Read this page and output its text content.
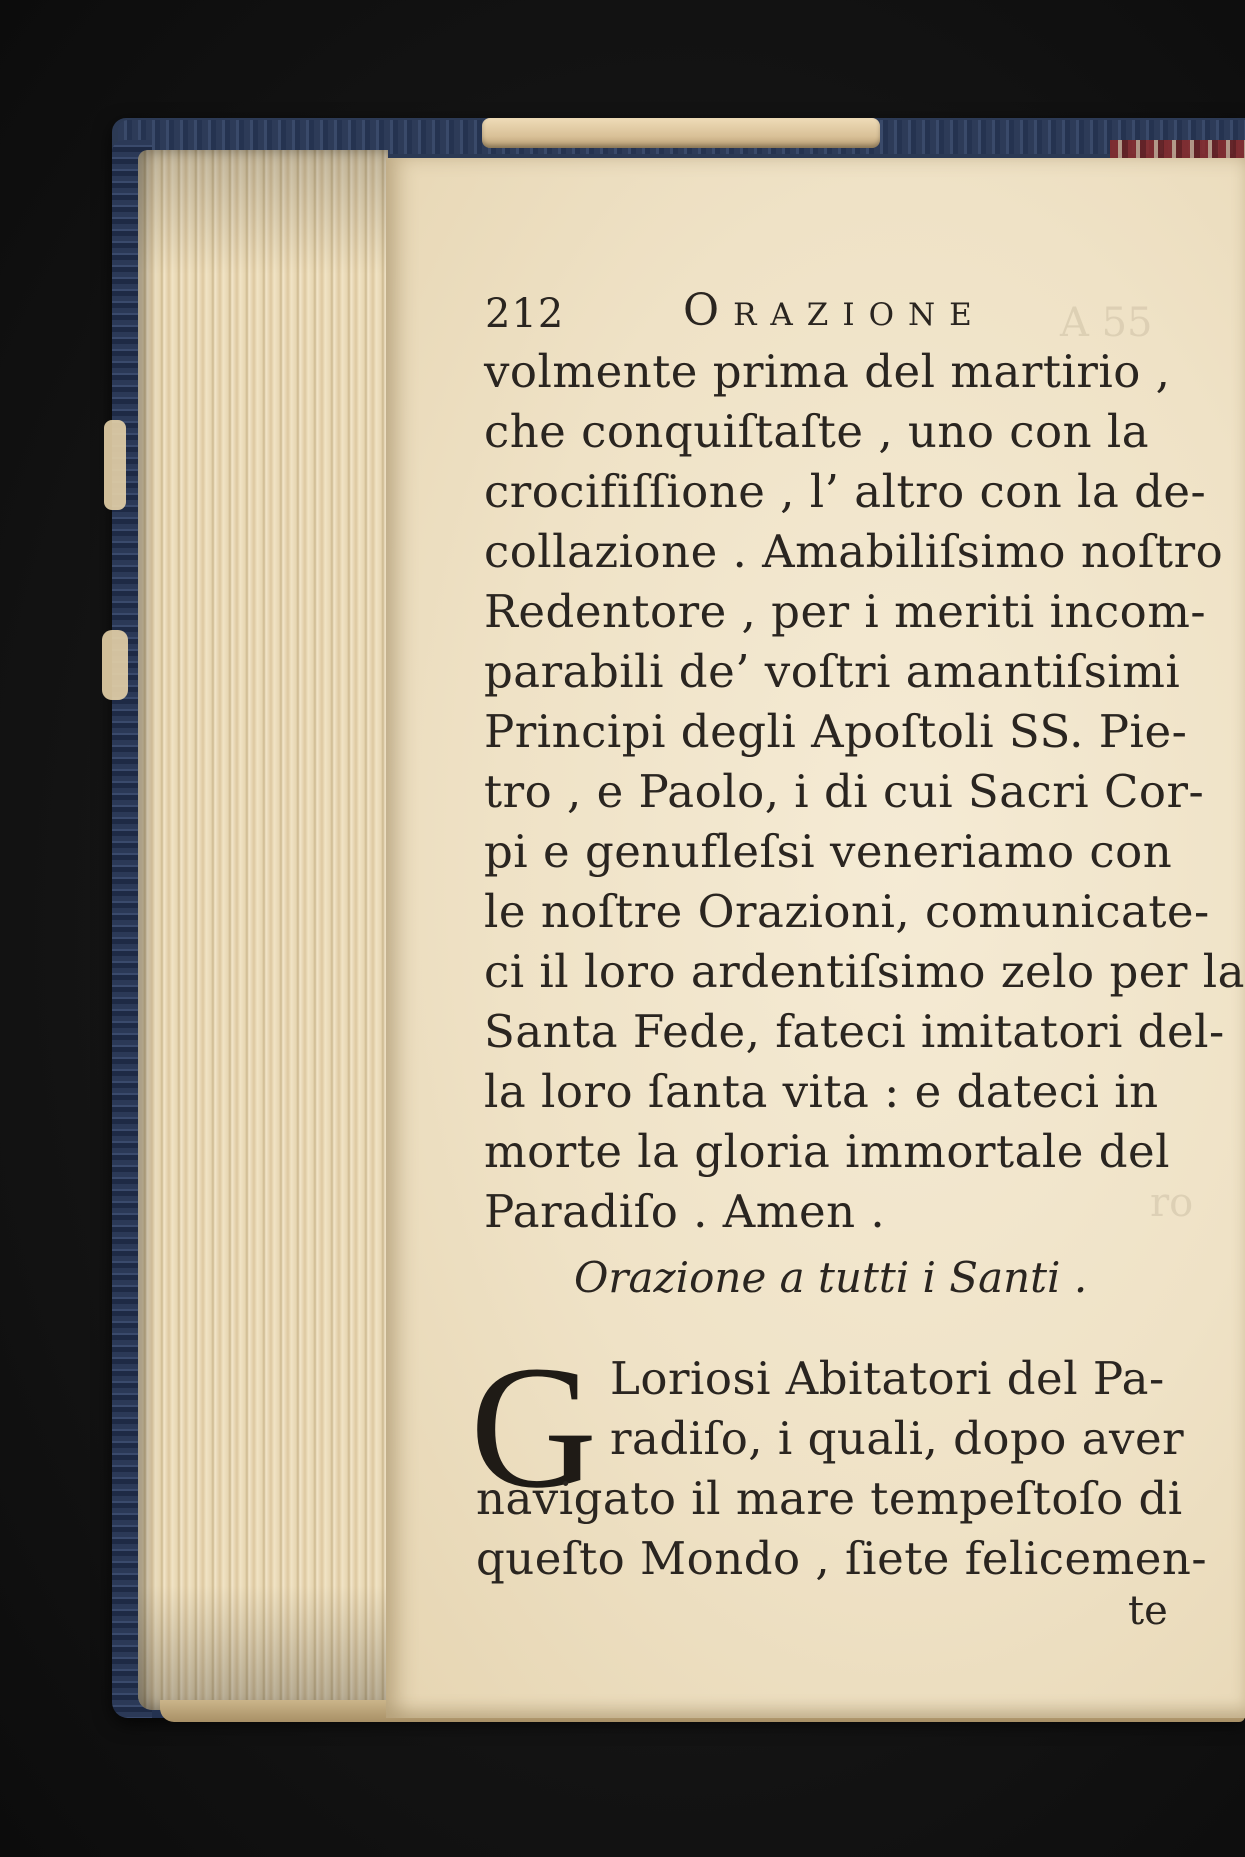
A 55
ro
212	Orazione
volmente prima del martirio ,
che conquiſtaſte , uno con la
crocifiſſione , l’ altro con la de-
collazione . Amabiliſsimo noſtro
Redentore , per i meriti incom-
parabili de’ voſtri amantiſsimi
Principi degli Apoſtoli SS. Pie-
tro , e Paolo, i di cui Sacri Cor-
pi e genufleſsi veneriamo con
le noſtre Orazioni, comunicate-
ci il loro ardentiſsimo zelo per la
Santa Fede, fateci imitatori del-
la loro ſanta vita : e dateci in
morte la gloria immortale del
Paradiſo . Amen .
Orazione a tutti i Santi .
G Loriosi Abitatori del Pa-
radiſo, i quali, dopo aver
navigato il mare tempeſtoſo di
queſto Mondo , ſiete felicemen-
te
